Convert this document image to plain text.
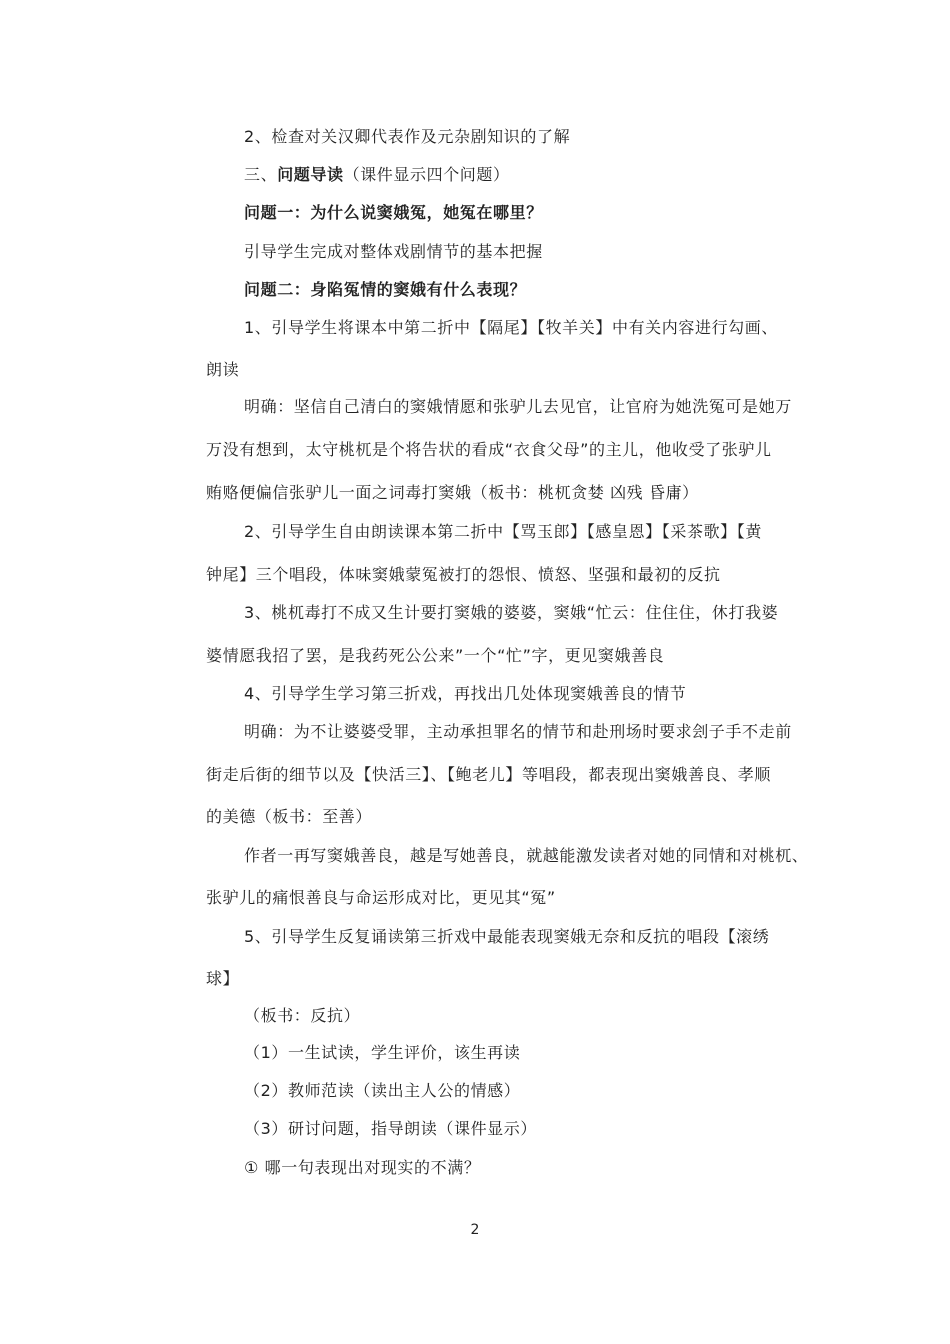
2、检查对关汉卿代表作及元杂剧知识的了解
三、问题导读（课件显示四个问题）
问题一：为什么说窦娥冤，她冤在哪里？
引导学生完成对整体戏剧情节的基本把握
问题二：身陷冤情的窦娥有什么表现？
1、引导学生将课本中第二折中【隔尾】【牧羊关】中有关内容进行勾画、
朗读
明确：坚信自己清白的窦娥情愿和张驴儿去见官，让官府为她洗冤可是她万
万没有想到，太守桃杌是个将告状的看成“衣食父母”的主儿，他收受了张驴儿
贿赂便偏信张驴儿一面之词毒打窦娥（板书：桃杌贪婪 凶残 昏庸）
2、引导学生自由朗读课本第二折中【骂玉郎】【感皇恩】【采茶歌】【黄
钟尾】三个唱段，体味窦娥蒙冤被打的怨恨、愤怒、坚强和最初的反抗
3、桃杌毒打不成又生计要打窦娥的婆婆，窦娥“忙云：住住住，休打我婆
婆情愿我招了罢，是我药死公公来”一个“忙”字，更见窦娥善良
4、引导学生学习第三折戏，再找出几处体现窦娥善良的情节
明确：为不让婆婆受罪，主动承担罪名的情节和赴刑场时要求刽子手不走前
街走后街的细节以及【快活三】、【鲍老儿】等唱段，都表现出窦娥善良、孝顺
的美德（板书：至善）
作者一再写窦娥善良，越是写她善良，就越能激发读者对她的同情和对桃杌、
张驴儿的痛恨善良与命运形成对比，更见其“冤”
5、引导学生反复诵读第三折戏中最能表现窦娥无奈和反抗的唱段【滚绣
球】
（板书：反抗）
（1）一生试读，学生评价，该生再读
（2）教师范读（读出主人公的情感）
（3）研讨问题，指导朗读（课件显示）
① 哪一句表现出对现实的不满？
2
